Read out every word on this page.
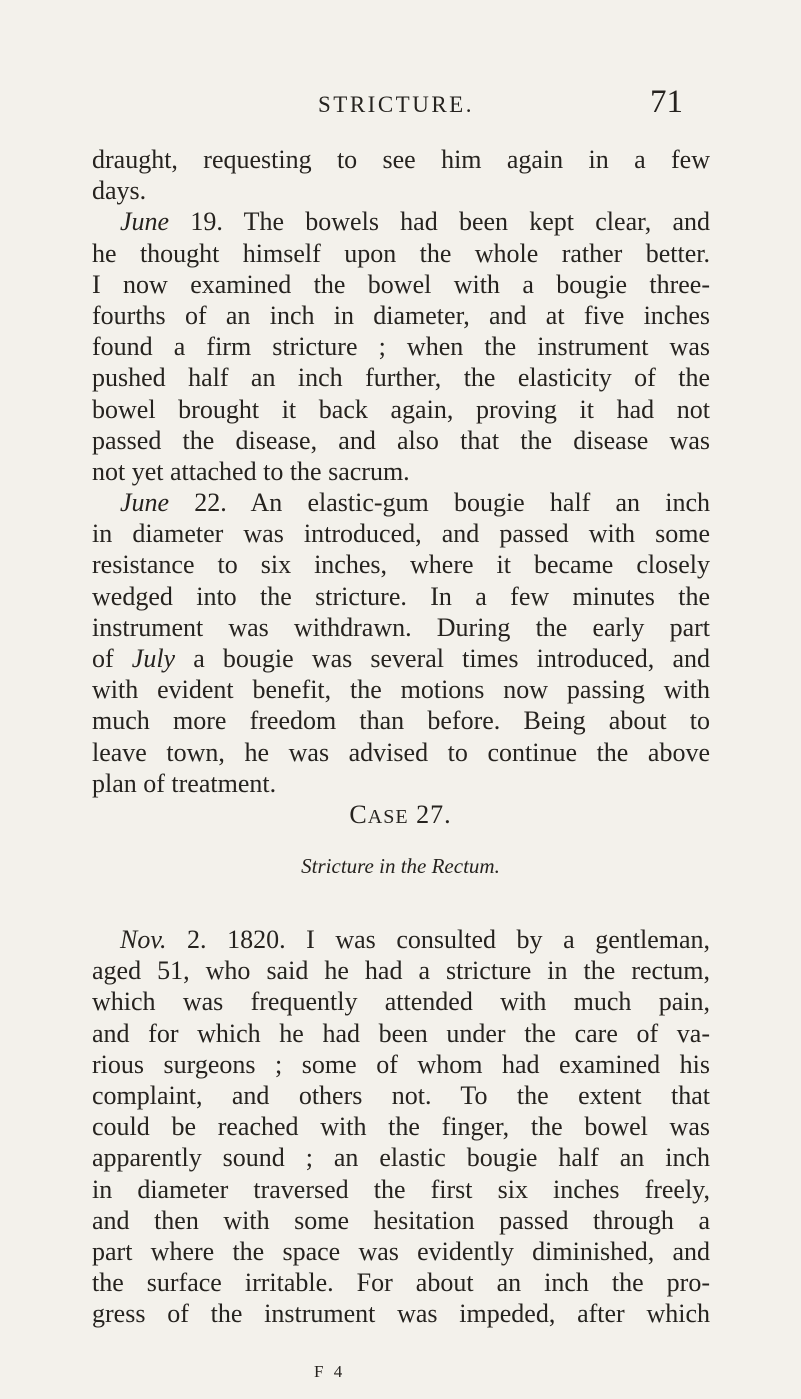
STRICTURE.	71
draught, requesting to see him again in a few
days.
June 19. The bowels had been kept clear, and
he thought himself upon the whole rather better.
I now examined the bowel with a bougie three-
fourths of an inch in diameter, and at five inches
found a firm stricture ; when the instrument was
pushed half an inch further, the elasticity of the
bowel brought it back again, proving it had not
passed the disease, and also that the disease was
not yet attached to the sacrum.
June 22. An elastic-gum bougie half an inch
in diameter was introduced, and passed with some
resistance to six inches, where it became closely
wedged into the stricture. In a few minutes the
instrument was withdrawn. During the early part
of July a bougie was several times introduced, and
with evident benefit, the motions now passing with
much more freedom than before. Being about to
leave town, he was advised to continue the above
plan of treatment.
CASE 27.
Stricture in the Rectum.
Nov. 2. 1820. I was consulted by a gentleman,
aged 51, who said he had a stricture in the rectum,
which was frequently attended with much pain,
and for which he had been under the care of va-
rious surgeons ; some of whom had examined his
complaint, and others not. To the extent that
could be reached with the finger, the bowel was
apparently sound ; an elastic bougie half an inch
in diameter traversed the first six inches freely,
and then with some hesitation passed through a
part where the space was evidently diminished, and
the surface irritable. For about an inch the pro-
gress of the instrument was impeded, after which
F 4
